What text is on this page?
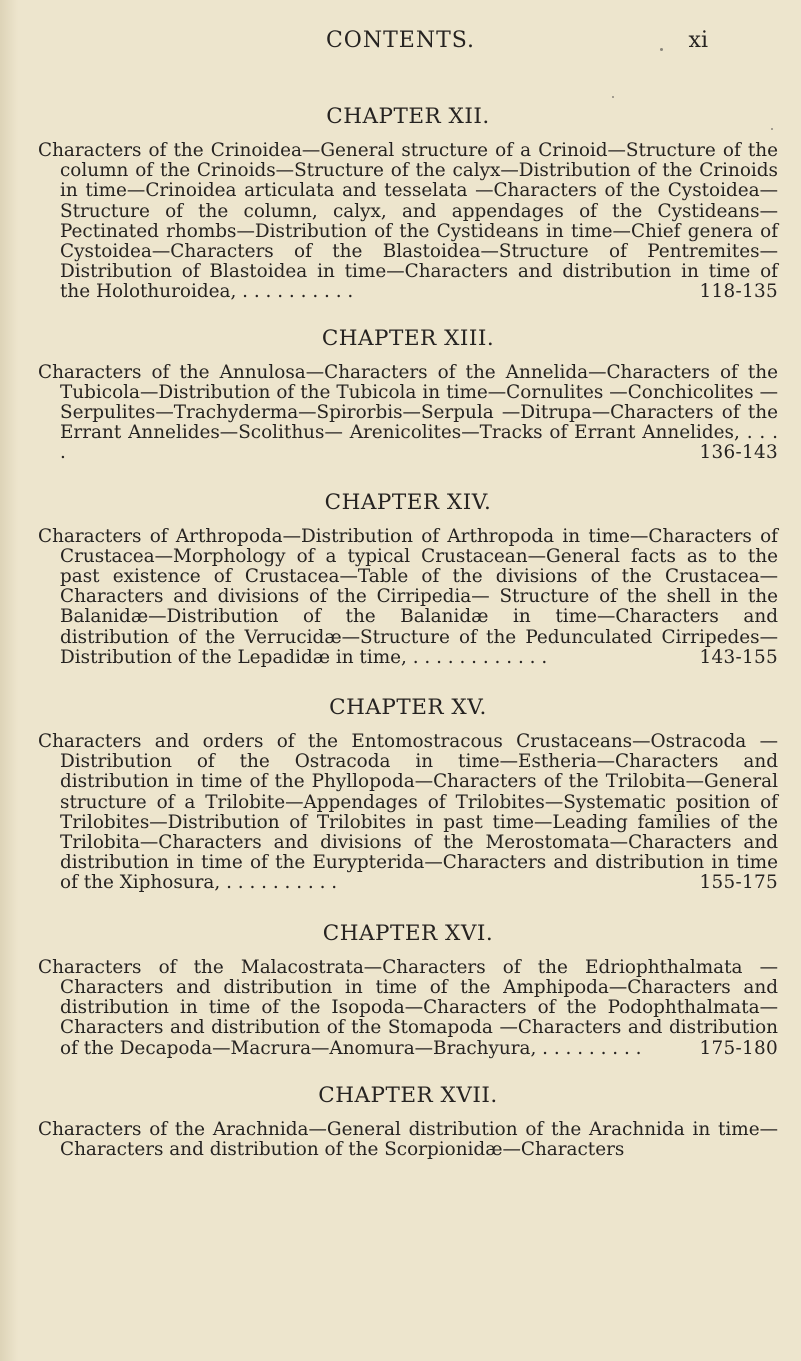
CONTENTS.	xi
CHAPTER XII.

Characters of the Crinoidea—General structure of a Crinoid—Structure of the column of the Crinoids—Structure of the calyx—Distribution of the Crinoids in time—Crinoidea articulata and tesselata —Characters of the Cystoidea—Structure of the column, calyx, and appendages of the Cystideans—Pectinated rhombs—Distribution of the Cystideans in time—Chief genera of Cystoidea—Characters of the Blastoidea—Structure of Pentremites—Distribution of Blastoidea in time—Characters and distribution in time of the Holothuroidea, . . . . . . . . . .	118-135

CHAPTER XIII.

Characters of the Annulosa—Characters of the Annelida—Characters of the Tubicola—Distribution of the Tubicola in time—Cornulites —Conchicolites — Serpulites—Trachyderma—Spirorbis—Serpula —Ditrupa—Characters of the Errant Annelides—Scolithus— Arenicolites—Tracks of Errant Annelides, . . . .	136-143

CHAPTER XIV.

Characters of Arthropoda—Distribution of Arthropoda in time—Characters of Crustacea—Morphology of a typical Crustacean—General facts as to the past existence of Crustacea—Table of the divisions of the Crustacea—Characters and divisions of the Cirripedia— Structure of the shell in the Balanidæ—Distribution of the Balanidæ in time—Characters and distribution of the Verrucidæ—Structure of the Pedunculated Cirripedes—Distribution of the Lepadidæ in time, . . . . . . . . . . . .	143-155

CHAPTER XV.

Characters and orders of the Entomostracous Crustaceans—Ostracoda —Distribution of the Ostracoda in time—Estheria—Characters and distribution in time of the Phyllopoda—Characters of the Trilobita—General structure of a Trilobite—Appendages of Trilobites—Systematic position of Trilobites—Distribution of Trilobites in past time—Leading families of the Trilobita—Characters and divisions of the Merostomata—Characters and distribution in time of the Eurypterida—Characters and distribution in time of the Xiphosura, . . . . . . . . . .	155-175

CHAPTER XVI.

Characters of the Malacostrata—Characters of the Edriophthalmata —Characters and distribution in time of the Amphipoda—Characters and distribution in time of the Isopoda—Characters of the Podophthalmata—Characters and distribution of the Stomapoda —Characters and distribution of the Decapoda—Macrura—Anomura—Brachyura, . . . . . . . . .	175-180

CHAPTER XVII.

Characters of the Arachnida—General distribution of the Arachnida in time—Characters and distribution of the Scorpionidæ—Characters
